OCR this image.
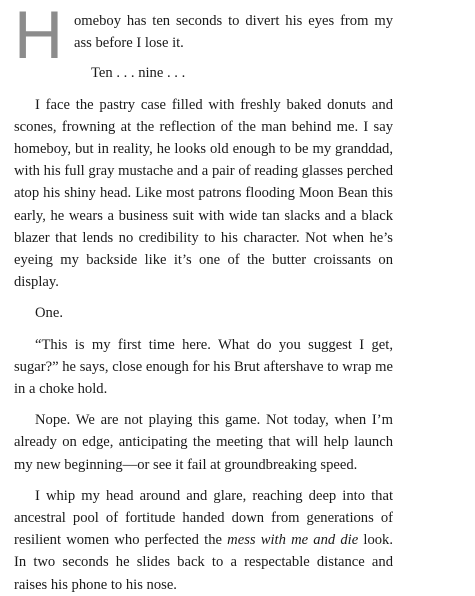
H omeboy has ten seconds to divert his eyes from my ass before I lose it.

Ten . . . nine . . .

I face the pastry case filled with freshly baked donuts and scones, frowning at the reflection of the man behind me. I say homeboy, but in reality, he looks old enough to be my granddad, with his full gray mustache and a pair of reading glasses perched atop his shiny head. Like most patrons flooding Moon Bean this early, he wears a business suit with wide tan slacks and a black blazer that lends no credibility to his character. Not when he’s eyeing my backside like it’s one of the butter croissants on display.

One.

“This is my first time here. What do you suggest I get, sugar?” he says, close enough for his Brut aftershave to wrap me in a choke hold.

Nope. We are not playing this game. Not today, when I’m already on edge, anticipating the meeting that will help launch my new beginning—or see it fail at groundbreaking speed.

I whip my head around and glare, reaching deep into that ancestral pool of fortitude handed down from generations of resilient women who perfected the mess with me and die look. In two seconds he slides back to a respectable distance and raises his phone to his nose.
